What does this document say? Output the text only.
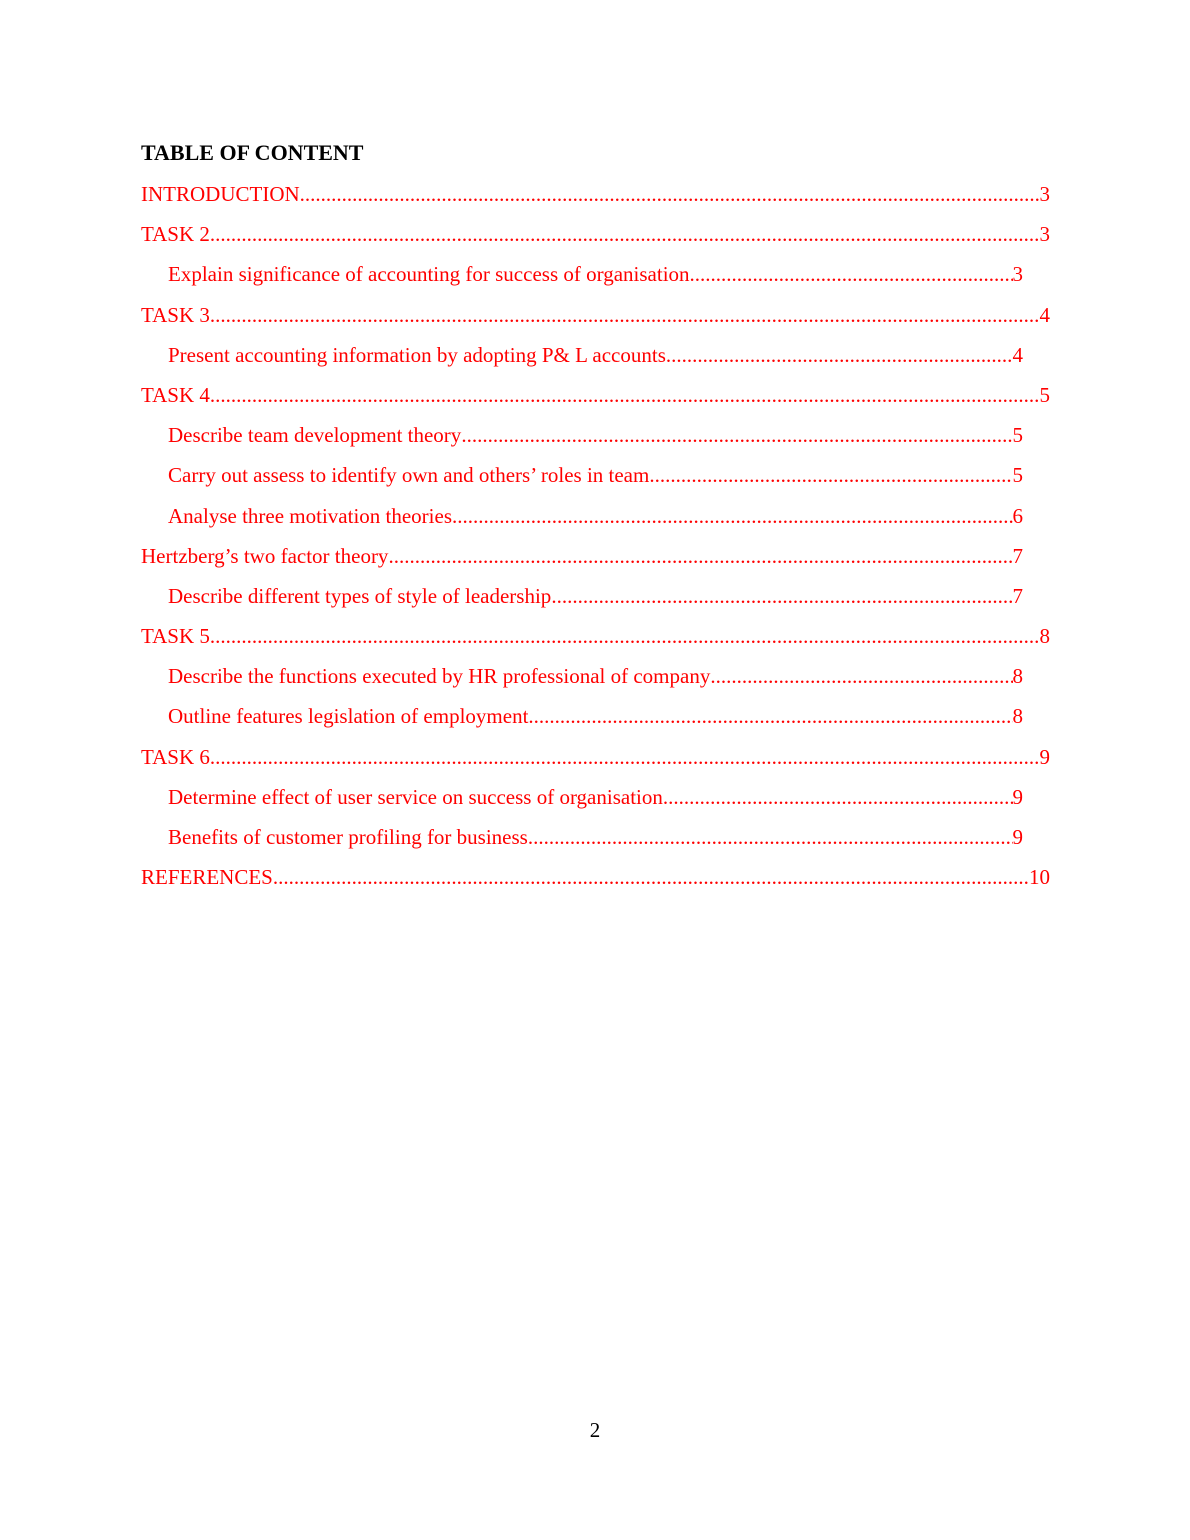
TABLE OF CONTENT
INTRODUCTION .....	3
TASK 2 .....	3
Explain significance of accounting for success of organisation .....	3
TASK 3 .....	4
Present accounting information by adopting P& L accounts .....	4
TASK 4 .....	5
Describe team development theory .....	5
Carry out assess to identify own and others’ roles in team .....	5
Analyse three motivation theories .....	6
Hertzberg’s two factor theory .....	7
Describe different types of style of leadership .....	7
TASK 5 .....	8
Describe the functions executed by HR professional of company .....	8
Outline features legislation of employment .....	8
TASK 6 .....	9
Determine effect of user service on success of organisation .....	9
Benefits of customer profiling for business .....	9
REFERENCES .....	10
2
